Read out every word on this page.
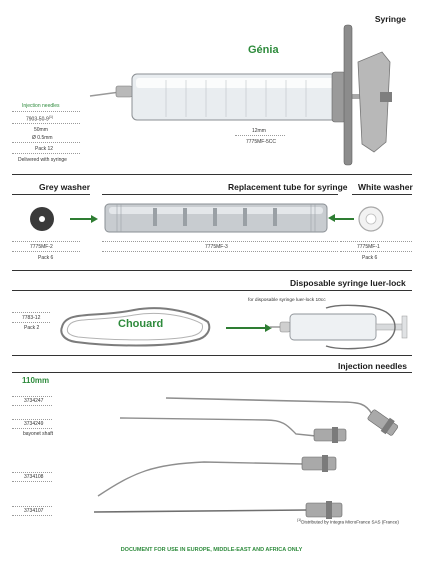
Syringe
Génia
Injection needles
7903-50-9$^{(1)}$
50mm
Ø 0.5mm
Pack 12
Delivered with syringe
12mm
7775MF-5CC
Grey washer	Replacement tube for syringe White washer
7775MF-2
Pack 6
7775MF-3	7775MF-1
Pack 6
Disposable syringe luer-lock
7783-12
Pack 2	Chouard
for disposable syringe luer-lock 10cc
Injection needles
110mm
3734247
3734249
bayonet shaft
3734108
3734107
$^{(1)}$Distributed by Integra MicroFrance SAS (France)
DOCUMENT FOR USE IN EUROPE, MIDDLE-EAST AND AFRICA ONLY
